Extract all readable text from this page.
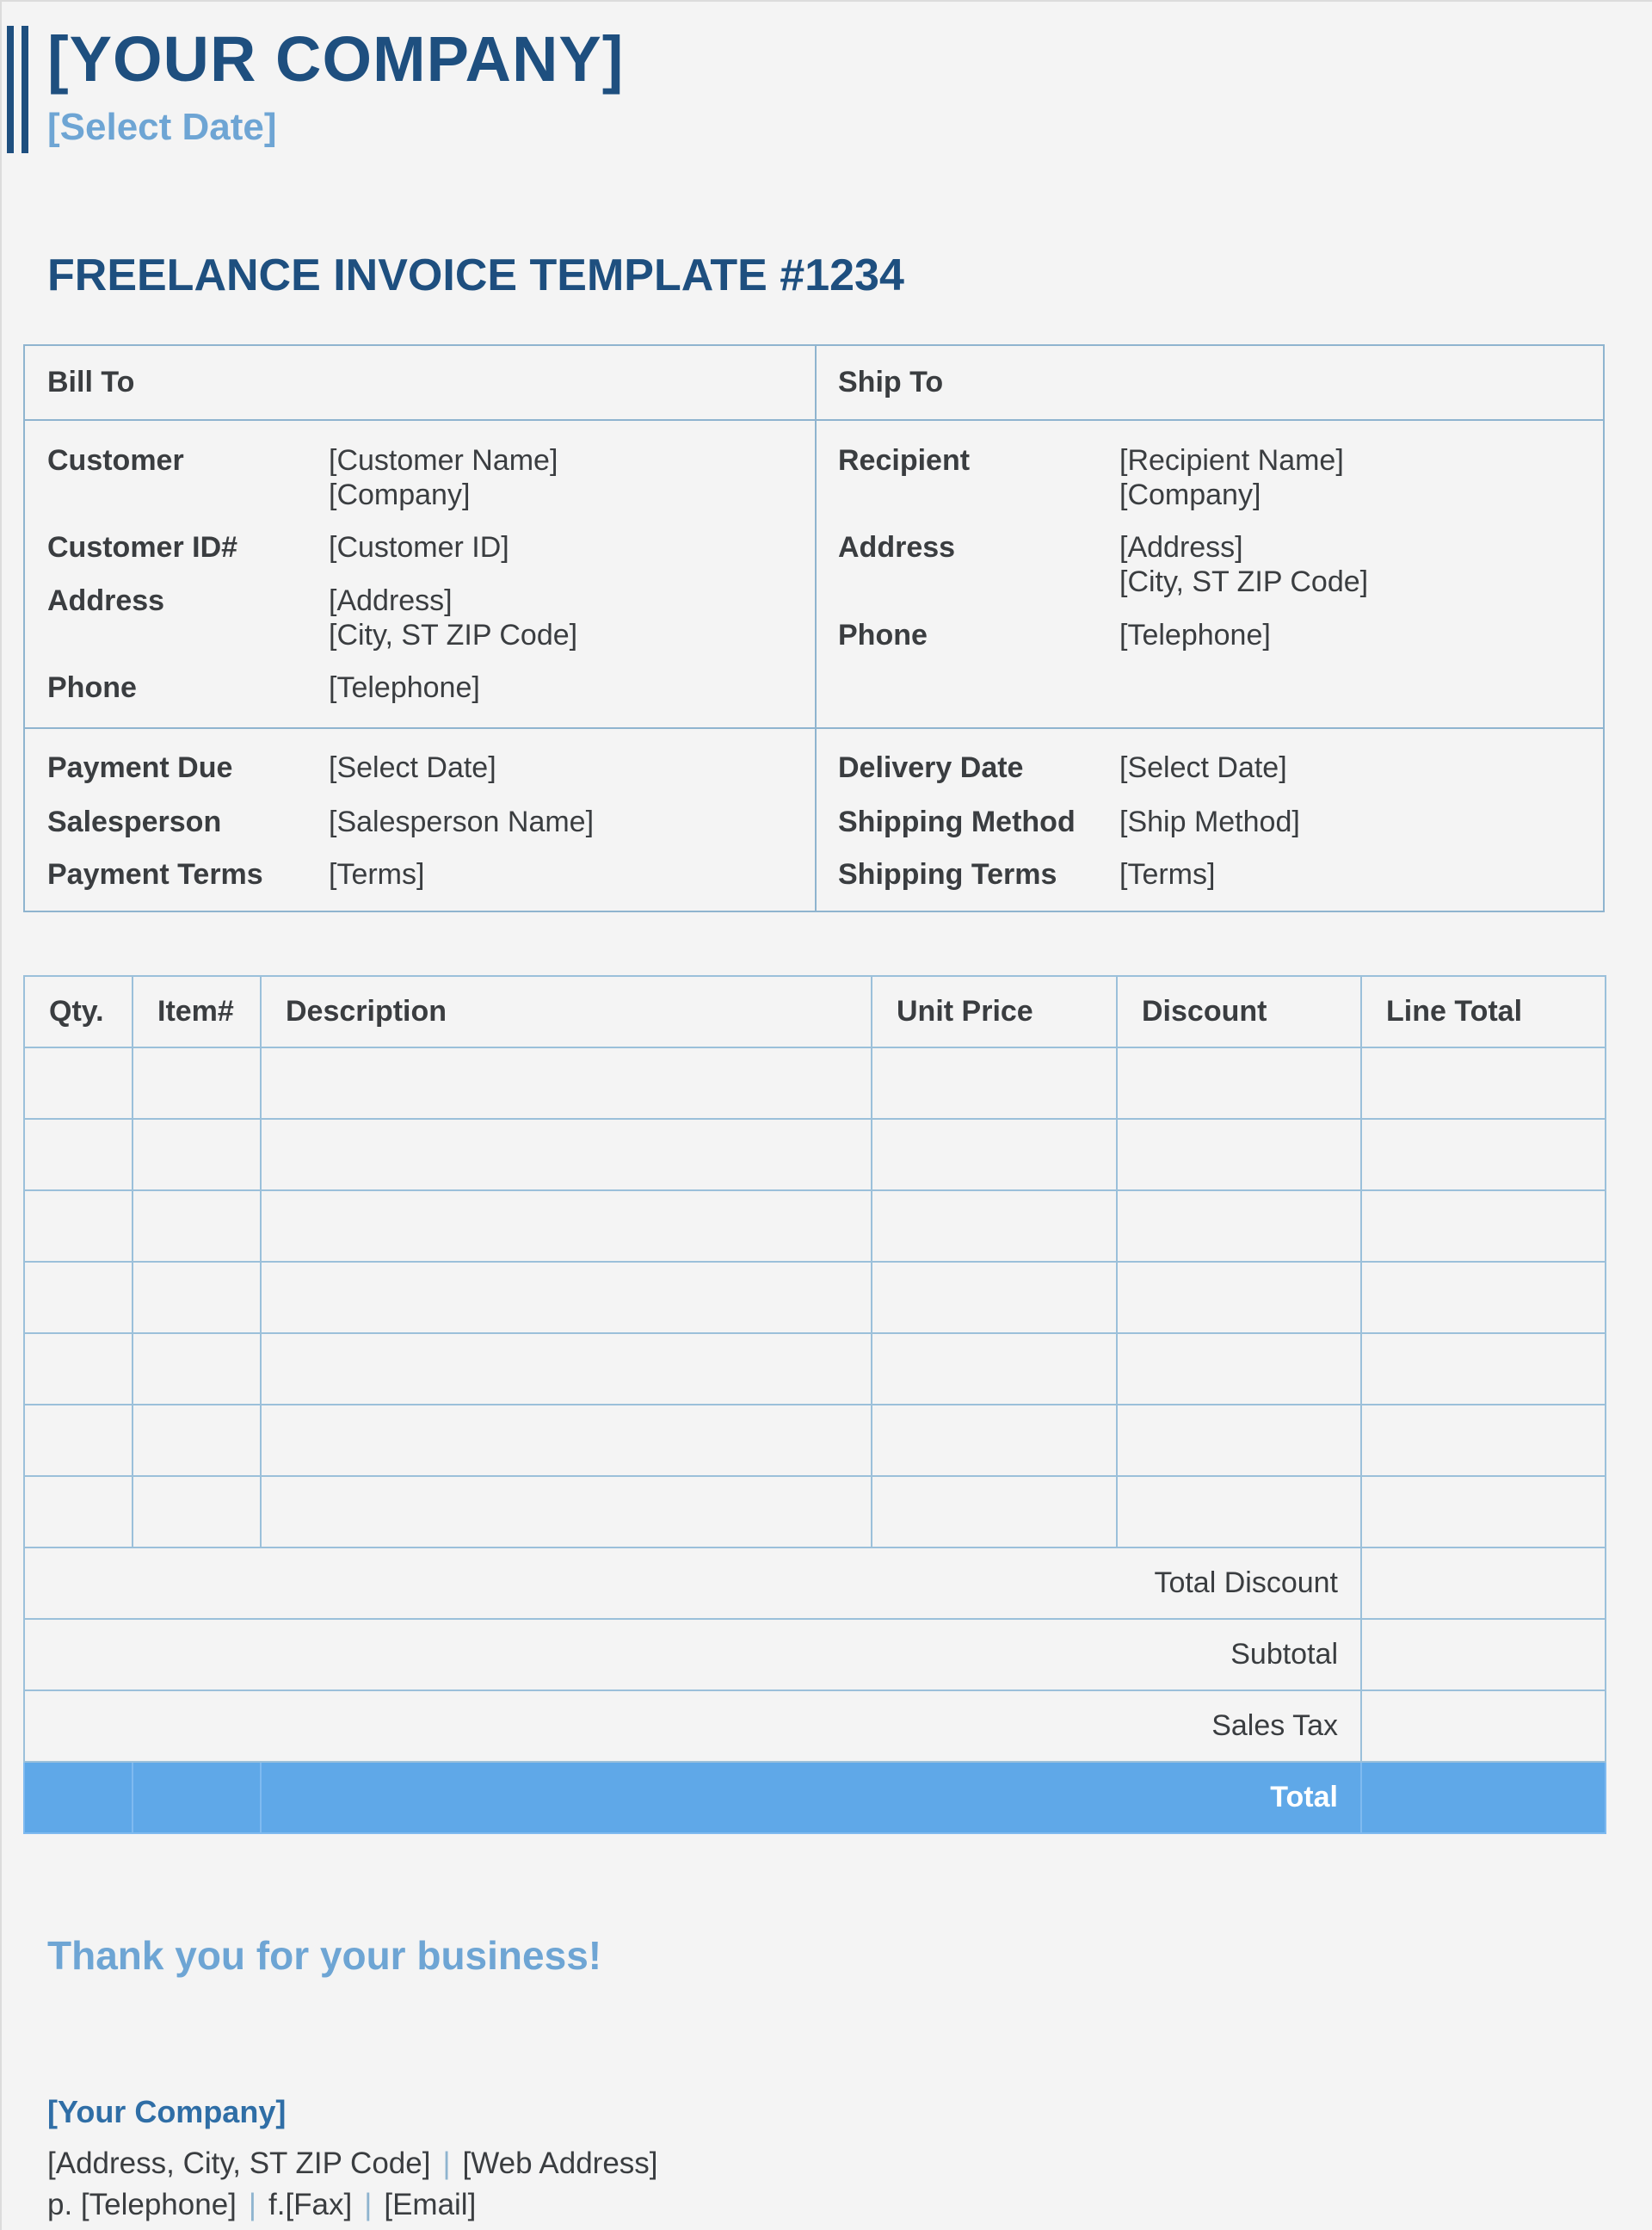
[YOUR COMPANY]
[Select Date]
FREELANCE INVOICE TEMPLATE #1234
Bill To
Customer	[Customer Name]
[Company]
Customer ID#	[Customer ID]
Address	[Address]
[City, ST ZIP Code]
Phone	[Telephone]
Payment Due	[Select Date]
Salesperson	[Salesperson Name]
Payment Terms [Terms]
Ship To
Recipient	[Recipient Name]
[Company]
Address	[Address]
[City, ST ZIP Code]
Phone	[Telephone]
Delivery Date	[Select Date]
Shipping Method [Ship Method]
Shipping Terms [Terms]
Qty.	Item#	Description	Unit Price	Discount	Line Total

Total Discount					
Subtotal					
Sales Tax					
		Total			
Thank you for your business!
[Your Company]
[Address, City, ST ZIP Code] | [Web Address]
p. [Telephone] | f.[Fax] | [Email]
